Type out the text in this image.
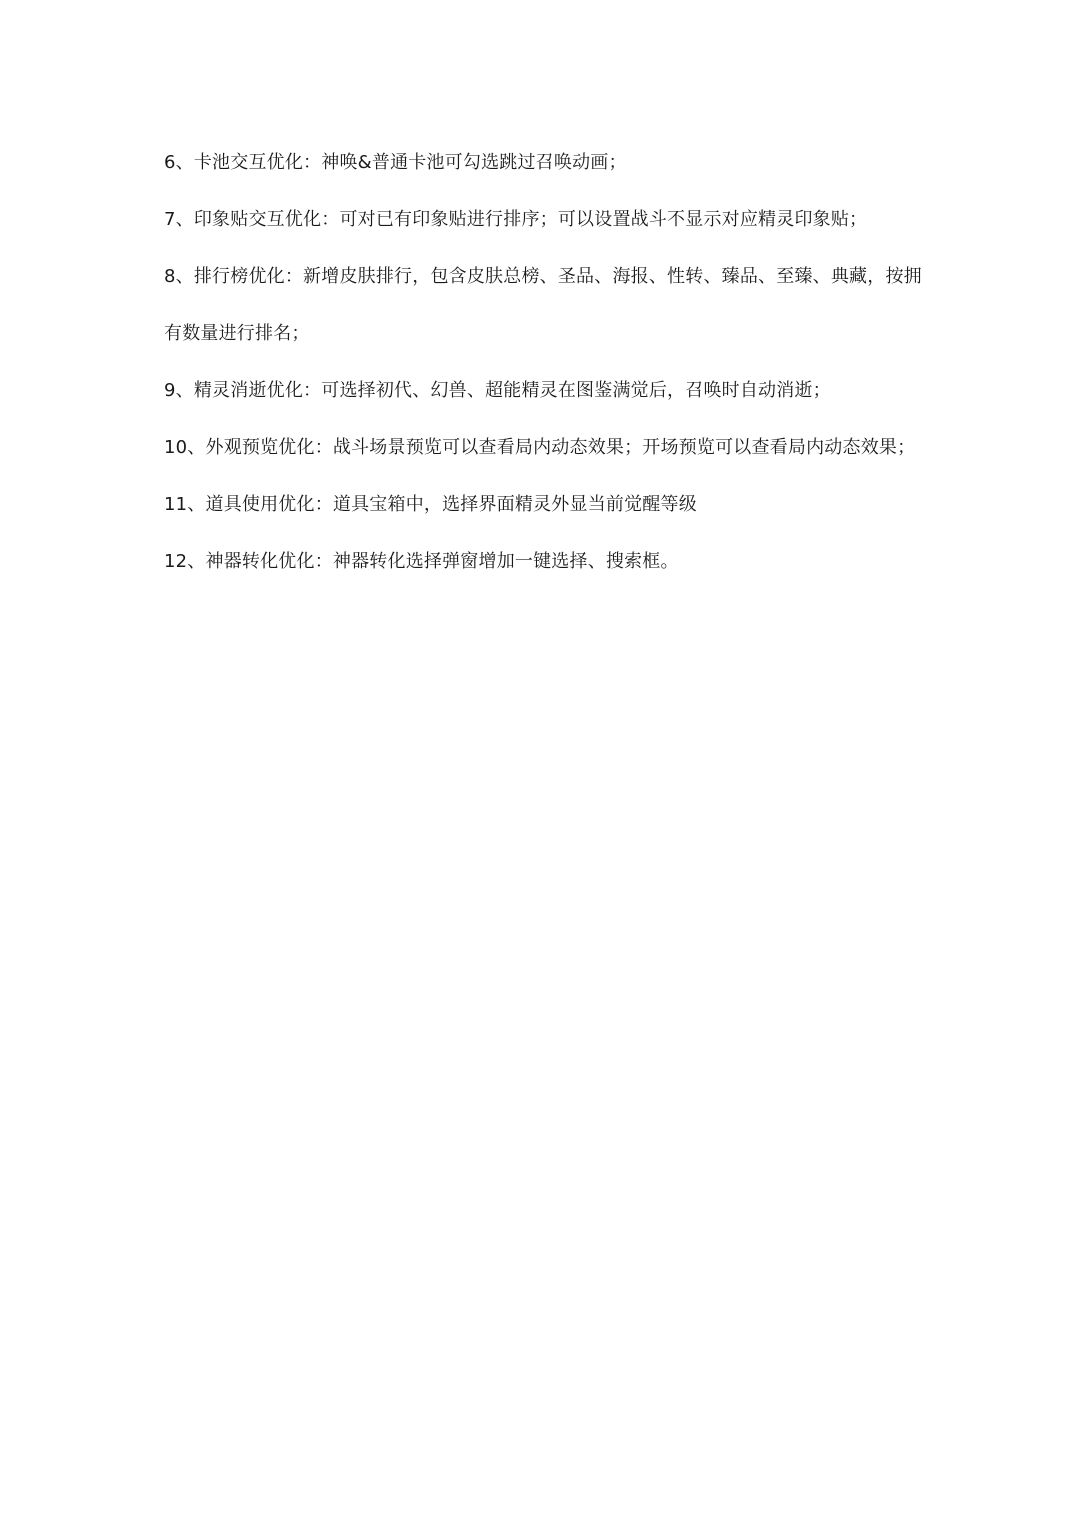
6、卡池交互优化：神唤&普通卡池可勾选跳过召唤动画；

7、印象贴交互优化：可对已有印象贴进行排序；可以设置战斗不显示对应精灵印象贴；

8、排行榜优化：新增皮肤排行，包含皮肤总榜、圣品、海报、性转、臻品、至臻、典藏，按拥有数量进行排名；

9、精灵消逝优化：可选择初代、幻兽、超能精灵在图鉴满觉后，召唤时自动消逝；

10、外观预览优化：战斗场景预览可以查看局内动态效果；开场预览可以查看局内动态效果；

11、道具使用优化：道具宝箱中，选择界面精灵外显当前觉醒等级

12、神器转化优化：神器转化选择弹窗增加一键选择、搜索框。
